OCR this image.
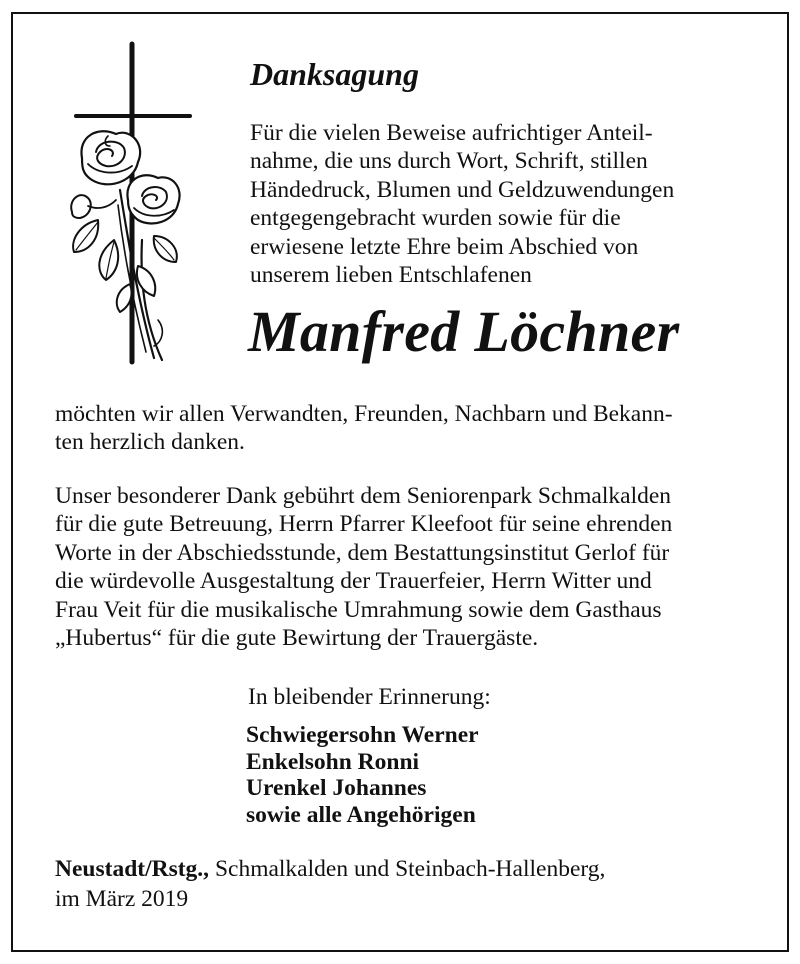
Danksagung
Für die vielen Beweise aufrichtiger Anteil-
nahme, die uns durch Wort, Schrift, stillen
Händedruck, Blumen und Geldzuwendungen
entgegengebracht wurden sowie für die
erwiesene letzte Ehre beim Abschied von
unserem lieben Entschlafenen
Manfred Löchner
möchten wir allen Verwandten, Freunden, Nachbarn und Bekann-
ten herzlich danken.
Unser besonderer Dank gebührt dem Seniorenpark Schmalkalden
für die gute Betreuung, Herrn Pfarrer Kleefoot für seine ehrenden
Worte in der Abschiedsstunde, dem Bestattungsinstitut Gerlof für
die würdevolle Ausgestaltung der Trauerfeier, Herrn Witter und
Frau Veit für die musikalische Umrahmung sowie dem Gasthaus
„Hubertus“ für die gute Bewirtung der Trauergäste.
In bleibender Erinnerung:
Schwiegersohn Werner
Enkelsohn Ronni
Urenkel Johannes
sowie alle Angehörigen
Neustadt/Rstg., Schmalkalden und Steinbach-Hallenberg,
im März 2019
